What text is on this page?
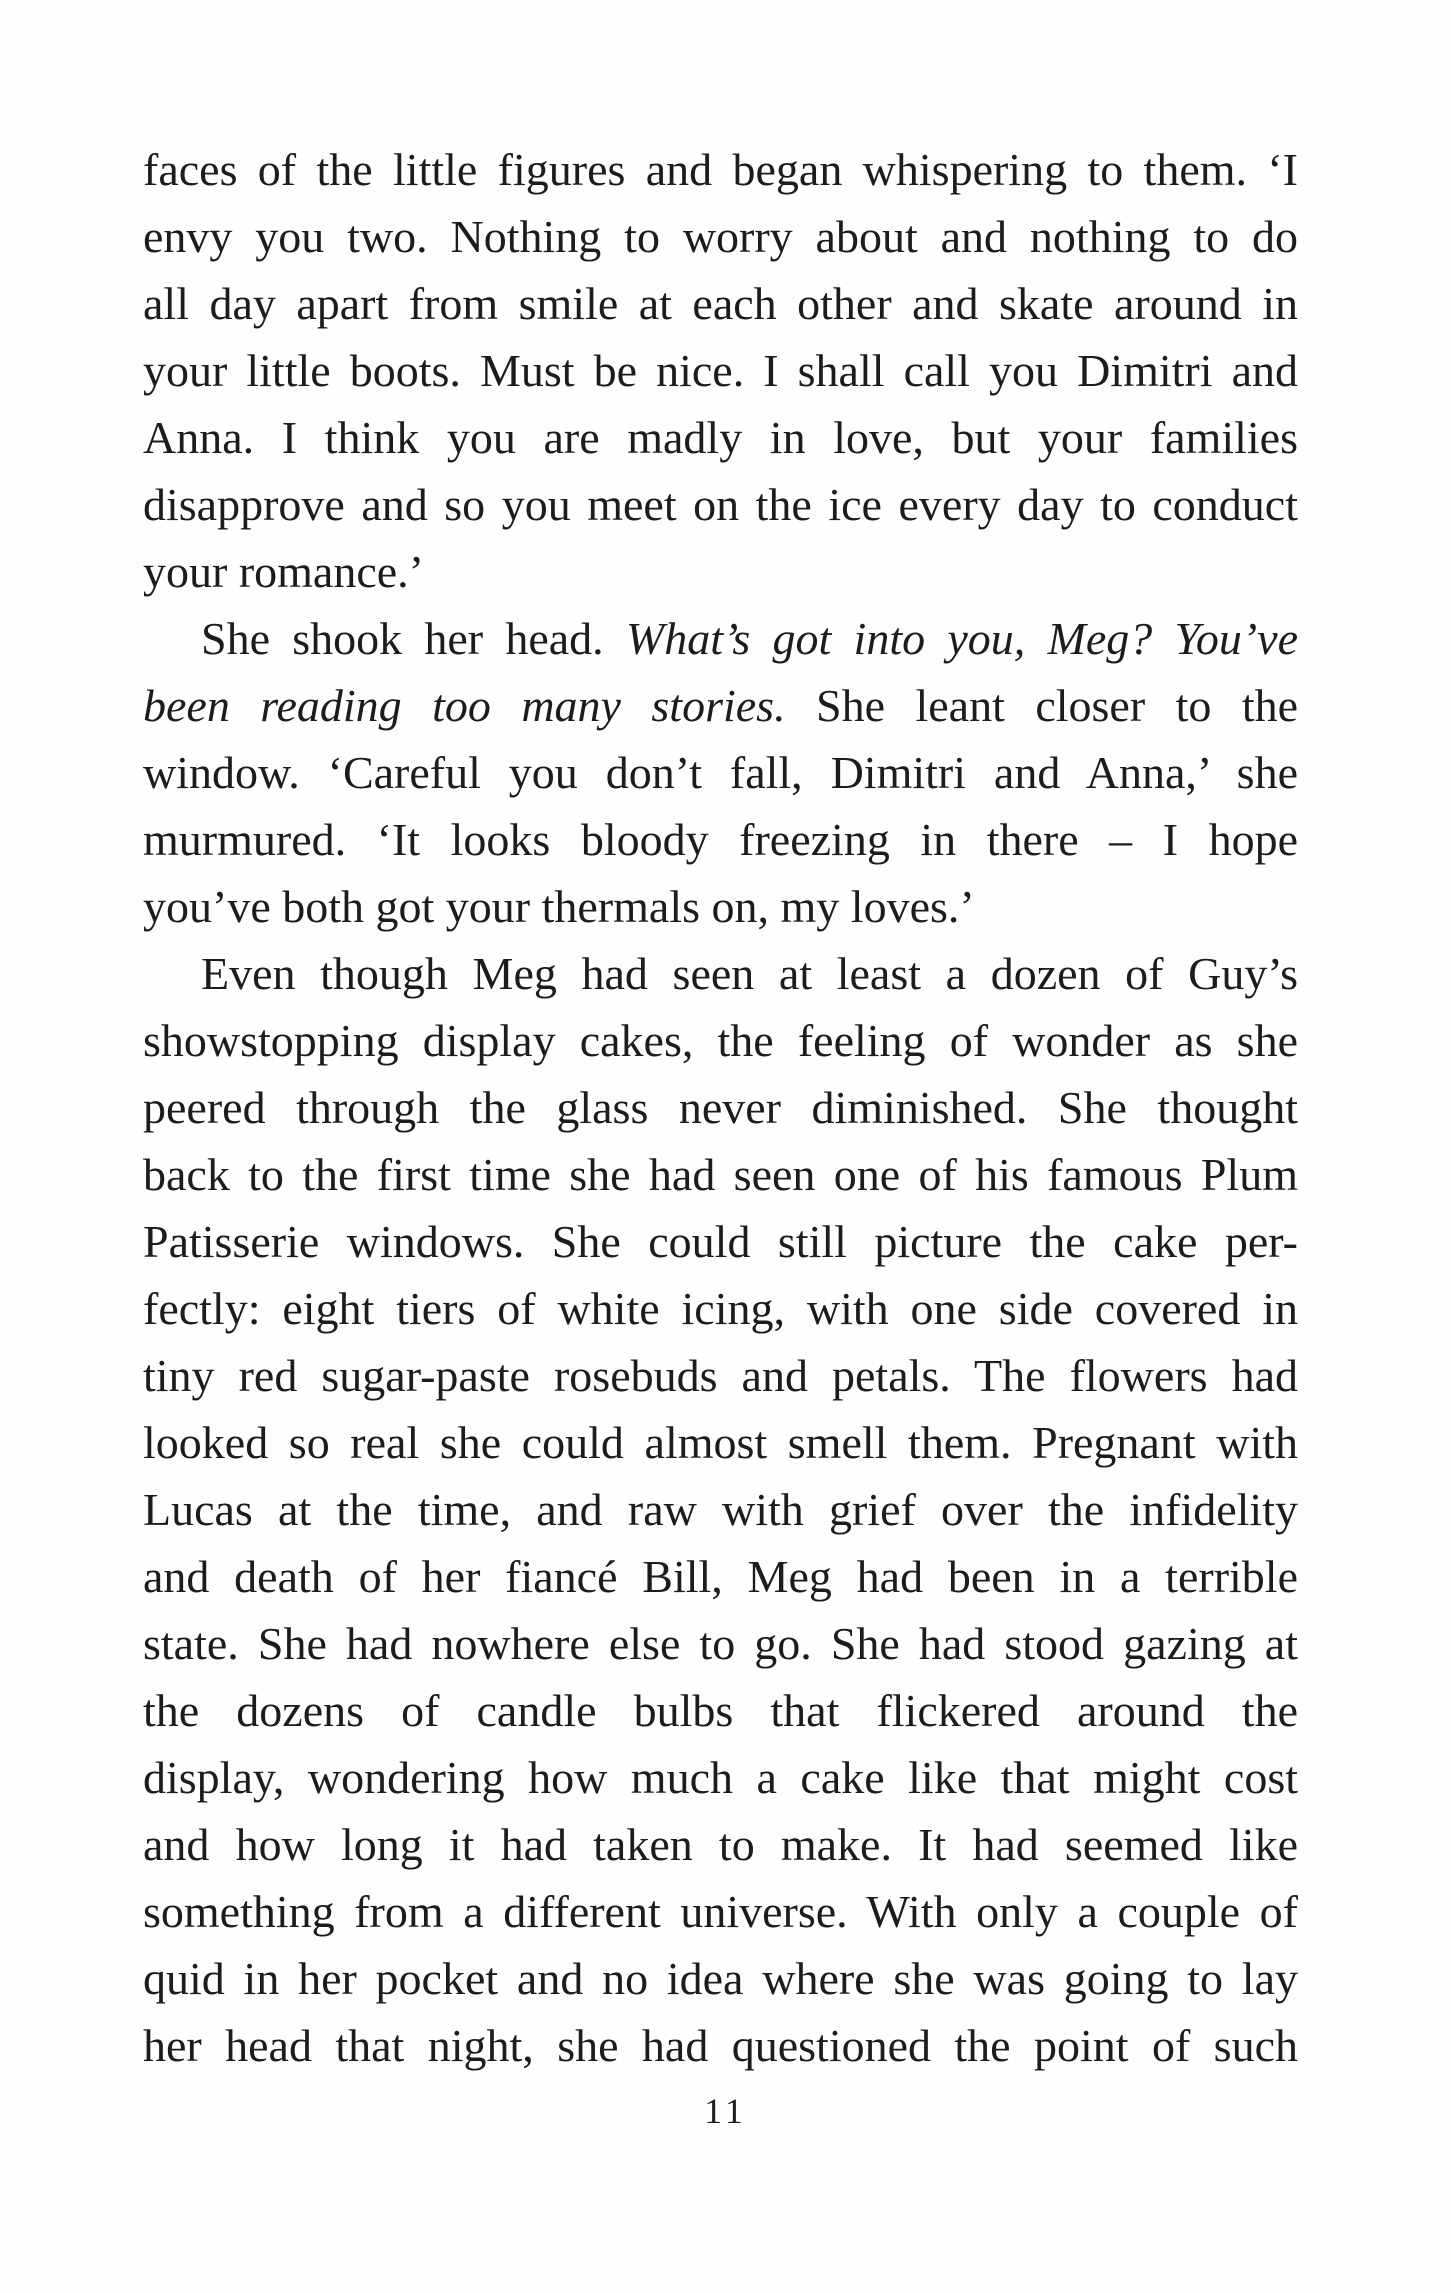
faces of the little figures and began whispering to them. ‘I
envy you two. Nothing to worry about and nothing to do
all day apart from smile at each other and skate around in
your little boots. Must be nice. I shall call you Dimitri and
Anna. I think you are madly in love, but your families
disapprove and so you meet on the ice every day to conduct
your romance.’
She shook her head. What’s got into you, Meg? You’ve
been reading too many stories. She leant closer to the
window. ‘Careful you don’t fall, Dimitri and Anna,’ she
murmured. ‘It looks bloody freezing in there – I hope
you’ve both got your thermals on, my loves.’
Even though Meg had seen at least a dozen of Guy’s
showstopping display cakes, the feeling of wonder as she
peered through the glass never diminished. She thought
back to the first time she had seen one of his famous Plum
Patisserie windows. She could still picture the cake per-
fectly: eight tiers of white icing, with one side covered in
tiny red sugar-paste rosebuds and petals. The flowers had
looked so real she could almost smell them. Pregnant with
Lucas at the time, and raw with grief over the infidelity
and death of her fiancé Bill, Meg had been in a terrible
state. She had nowhere else to go. She had stood gazing at
the dozens of candle bulbs that flickered around the
display, wondering how much a cake like that might cost
and how long it had taken to make. It had seemed like
something from a different universe. With only a couple of
quid in her pocket and no idea where she was going to lay
her head that night, she had questioned the point of such
11
